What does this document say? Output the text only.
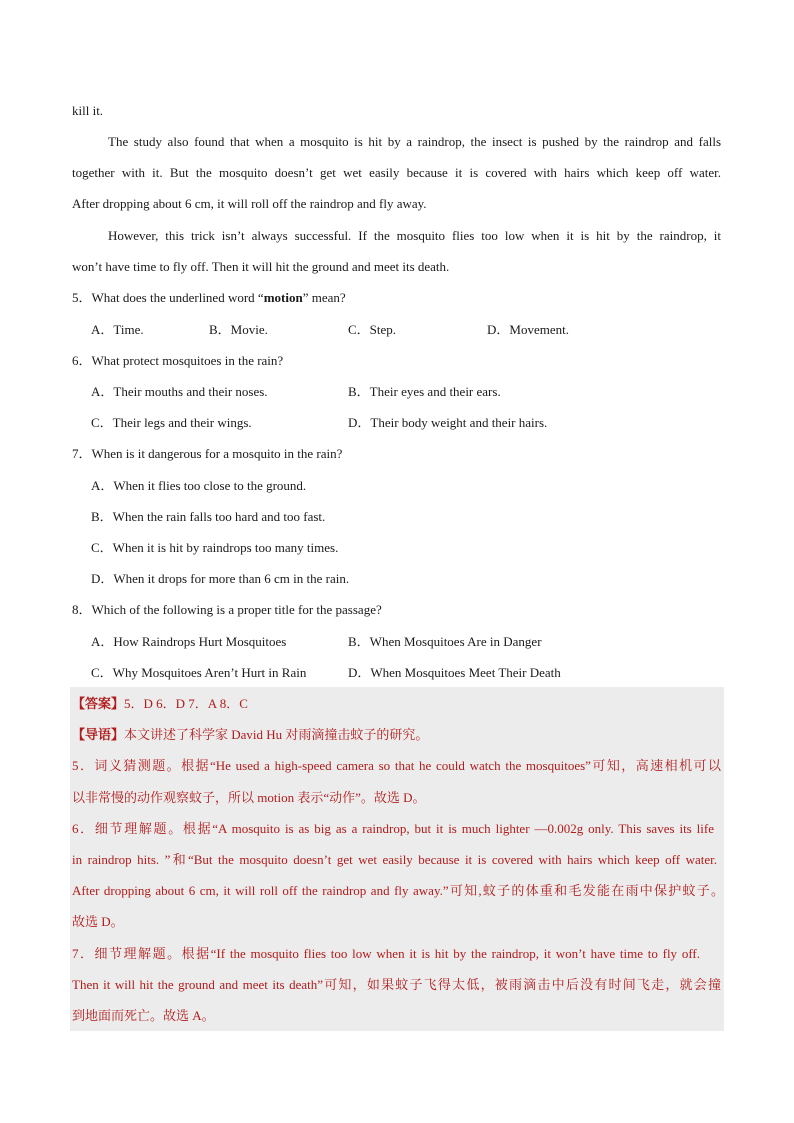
kill it.
The study also found that when a mosquito is hit by a raindrop, the insect is pushed by the raindrop and falls
together with it. But the mosquito doesn’t get wet easily because it is covered with hairs which keep off water.
After dropping about 6 cm, it will roll off the raindrop and fly away.
However, this trick isn’t always successful. If the mosquito flies too low when it is hit by the raindrop, it
won’t have time to fly off. Then it will hit the ground and meet its death.
5．What does the underlined word “motion” mean?
A．Time.	B．Movie.	C．Step.	D．Movement.
6．What protect mosquitoes in the rain?
A．Their mouths and their noses.	B．Their eyes and their ears.
C．Their legs and their wings.	D．Their body weight and their hairs.
7．When is it dangerous for a mosquito in the rain?
A．When it flies too close to the ground.
B．When the rain falls too hard and too fast.
C．When it is hit by raindrops too many times.
D．When it drops for more than 6 cm in the rain.
8．Which of the following is a proper title for the passage?
A．How Raindrops Hurt Mosquitoes	B．When Mosquitoes Are in Danger
C．Why Mosquitoes Aren’t Hurt in Rain	D．When Mosquitoes Meet Their Death
【答案】5．D 6．D 7．A 8．C
【导语】本文讲述了科学家 David Hu 对雨滴撞击蚊子的研究。
5．词义猜测题。根据“He used a high-speed camera so that he could watch the mosquitoes”可知，高速相机可以
以非常慢的动作观察蚊子，所以 motion 表示“动作”。故选 D。
6．细节理解题。根据“A mosquito is as big as a raindrop, but it is much lighter —0.002g only. This saves its life
in raindrop hits. ”和“But the mosquito doesn’t get wet easily because it is covered with hairs which keep off water.
After dropping about 6 cm, it will roll off the raindrop and fly away.”可知,蚊子的体重和毛发能在雨中保护蚊子。
故选 D。
7．细节理解题。根据“If the mosquito flies too low when it is hit by the raindrop, it won’t have time to fly off.
Then it will hit the ground and meet its death”可知，如果蚊子飞得太低，被雨滴击中后没有时间飞走，就会撞
到地面而死亡。故选 A。
